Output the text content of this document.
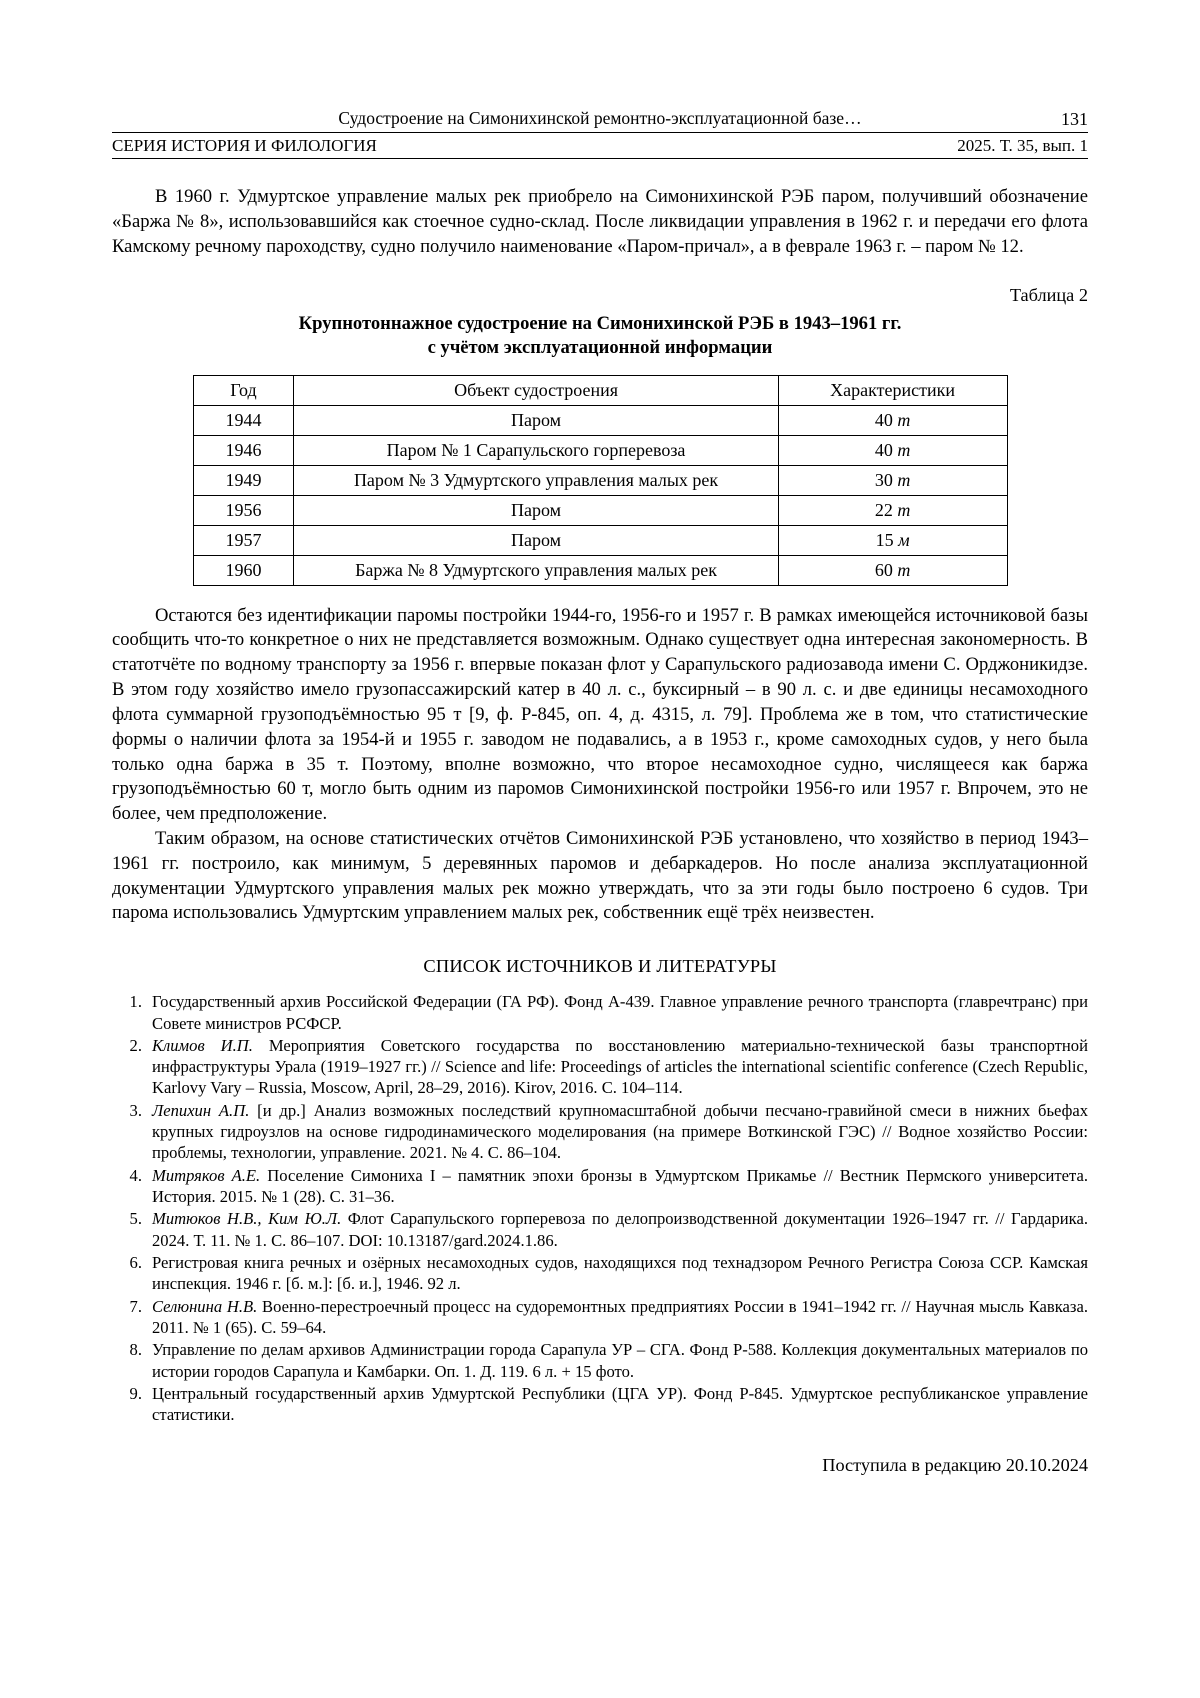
Судостроение на Симонихинской ремонтно-эксплуатационной базе…	131
СЕРИЯ ИСТОРИЯ И ФИЛОЛОГИЯ	2025. Т. 35, вып. 1

В 1960 г. Удмуртское управление малых рек приобрело на Симонихинской РЭБ паром, получивший обозначение «Баржа № 8», использовавшийся как стоечное судно-склад. После ликвидации управления в 1962 г. и передачи его флота Камскому речному пароходству, судно получило наименование «Паром-причал», а в феврале 1963 г. – паром № 12.

Таблица 2
Крупнотоннажное судостроение на Симонихинской РЭБ в 1943–1961 гг.
с учётом эксплуатационной информации
Год	Объект судостроения	Характеристики
1944	Паром	40 т
1946	Паром № 1 Сарапульского горперевоза	40 т
1949	Паром № 3 Удмуртского управления малых рек	30 т
1956	Паром	22 т
1957	Паром	15 м
1960	Баржа № 8 Удмуртского управления малых рек	60 т

Остаются без идентификации паромы постройки 1944-го, 1956-го и 1957 г. В рамках имеющейся источниковой базы сообщить что-то конкретное о них не представляется возможным. Однако существует одна интересная закономерность. В статотчёте по водному транспорту за 1956 г. впервые показан флот у Сарапульского радиозавода имени С. Орджоникидзе. В этом году хозяйство имело грузопассажирский катер в 40 л. с., буксирный – в 90 л. с. и две единицы несамоходного флота суммарной грузоподъёмностью 95 т [9, ф. Р-845, оп. 4, д. 4315, л. 79]. Проблема же в том, что статистические формы о наличии флота за 1954-й и 1955 г. заводом не подавались, а в 1953 г., кроме самоходных судов, у него была только одна баржа в 35 т. Поэтому, вполне возможно, что второе несамоходное судно, числящееся как баржа грузоподъёмностью 60 т, могло быть одним из паромов Симонихинской постройки 1956-го или 1957 г. Впрочем, это не более, чем предположение.

Таким образом, на основе статистических отчётов Симонихинской РЭБ установлено, что хозяйство в период 1943–1961 гг. построило, как минимум, 5 деревянных паромов и дебаркадеров. Но после анализа эксплуатационной документации Удмуртского управления малых рек можно утверждать, что за эти годы было построено 6 судов. Три парома использовались Удмуртским управлением малых рек, собственник ещё трёх неизвестен.

СПИСОК ИСТОЧНИКОВ И ЛИТЕРАТУРЫ
1. Государственный архив Российской Федерации (ГА РФ). Фонд А-439. Главное управление речного транспорта (главречтранс) при Совете министров РСФСР.
2. Климов И.П. Мероприятия Советского государства по восстановлению материально-технической базы транспортной инфраструктуры Урала (1919–1927 гг.) // Science and life: Proceedings of articles the international scientific conference (Czech Republic, Karlovy Vary – Russia, Moscow, April, 28–29, 2016). Kirov, 2016. С. 104–114.
3. Лепихин А.П. [и др.] Анализ возможных последствий крупномасштабной добычи песчано-гравийной смеси в нижних бьефах крупных гидроузлов на основе гидродинамического моделирования (на примере Воткинской ГЭС) // Водное хозяйство России: проблемы, технологии, управление. 2021. № 4. С. 86–104.
4. Митряков А.Е. Поселение Симониха I – памятник эпохи бронзы в Удмуртском Прикамье // Вестник Пермского университета. История. 2015. № 1 (28). С. 31–36.
5. Митюков Н.В., Ким Ю.Л. Флот Сарапульского горперевоза по делопроизводственной документации 1926–1947 гг. // Гардарика. 2024. Т. 11. № 1. С. 86–107. DOI: 10.13187/gard.2024.1.86.
6. Регистровая книга речных и озёрных несамоходных судов, находящихся под технадзором Речного Регистра Союза ССР. Камская инспекция. 1946 г. [б. м.]: [б. и.], 1946. 92 л.
7. Селюнина Н.В. Военно-перестроечный процесс на судоремонтных предприятиях России в 1941–1942 гг. // Научная мысль Кавказа. 2011. № 1 (65). С. 59–64.
8. Управление по делам архивов Администрации города Сарапула УР – СГА. Фонд Р-588. Коллекция документальных материалов по истории городов Сарапула и Камбарки. Оп. 1. Д. 119. 6 л. + 15 фото.
9. Центральный государственный архив Удмуртской Республики (ЦГА УР). Фонд Р-845. Удмуртское республиканское управление статистики.
Поступила в редакцию 20.10.2024
